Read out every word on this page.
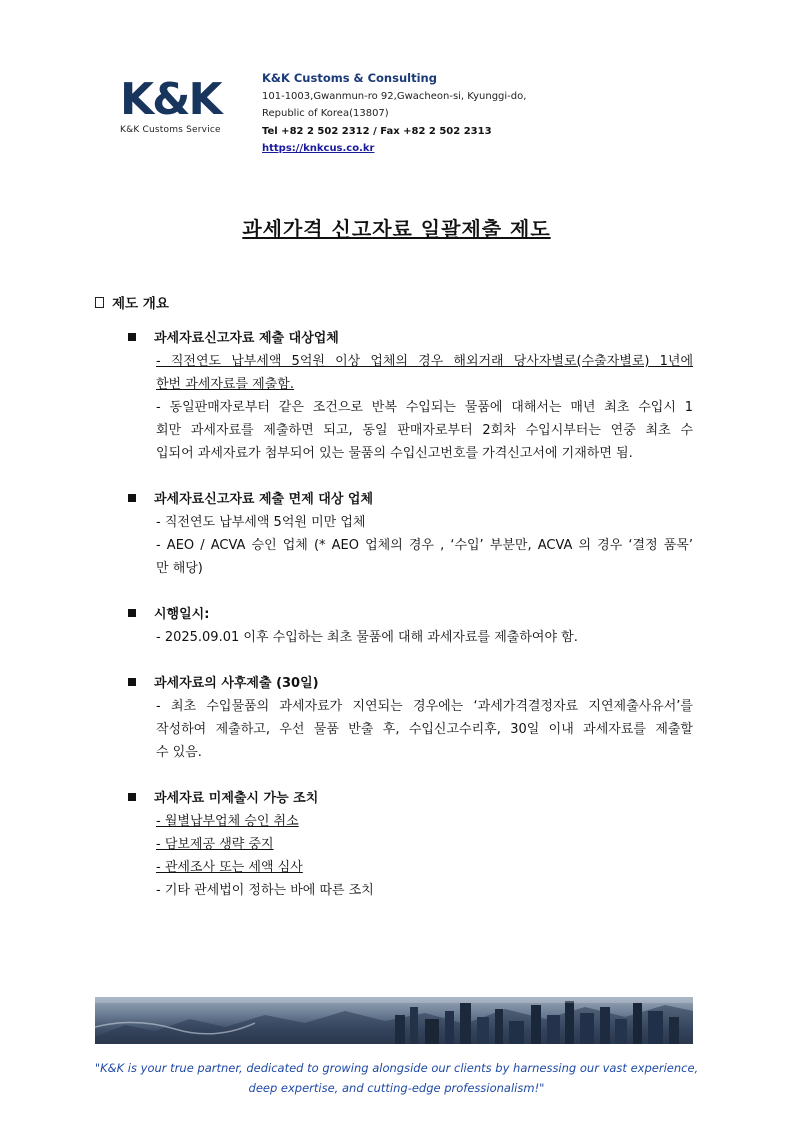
K&K
K&K Customs Service
K&K Customs & Consulting
101-1003,Gwanmun-ro 92,Gwacheon-si, Kyunggi-do,
Republic of Korea(13807)
Tel +82 2 502 2312 / Fax +82 2 502 2313
https://knkcus.co.kr
과세가격 신고자료 일괄제출 제도
제도 개요
과세자료신고자료 제출 대상업체
- 직전연도 납부세액 5억원 이상 업체의 경우 해외거래 당사자별로(수출자별로) 1년에
한번 과세자료를 제출함.
- 동일판매자로부터 같은 조건으로 반복 수입되는 물품에 대해서는 매년 최초 수입시 1
회만 과세자료를 제출하면 되고, 동일 판매자로부터 2회차 수입시부터는 연중 최초 수
입되어 과세자료가 첨부되어 있는 물품의 수입신고번호를 가격신고서에 기재하면 됨.
과세자료신고자료 제출 면제 대상 업체
- 직전연도 납부세액 5억원 미만 업체
- AEO / ACVA 승인 업체 (* AEO 업체의 경우 , ‘수입’ 부분만, ACVA 의 경우 ‘결정 품목’
만 해당)
시행일시:
- 2025.09.01 이후 수입하는 최초 물품에 대해 과세자료를 제출하여야 함.
과세자료의 사후제출 (30일)
- 최초 수입물품의 과세자료가 지연되는 경우에는 ‘과세가격결정자료 지연제출사유서’를
작성하여 제출하고, 우선 물품 반출 후, 수입신고수리후, 30일 이내 과세자료를 제출할
수 있음.
과세자료 미제출시 가능 조치
- 월별납부업체 승인 취소
- 담보제공 생략 중지
- 관세조사 또는 세액 심사
- 기타 관세법이 정하는 바에 따른 조치
"K&K is your true partner, dedicated to growing alongside our clients by harnessing our vast experience,
deep expertise, and cutting-edge professionalism!"
